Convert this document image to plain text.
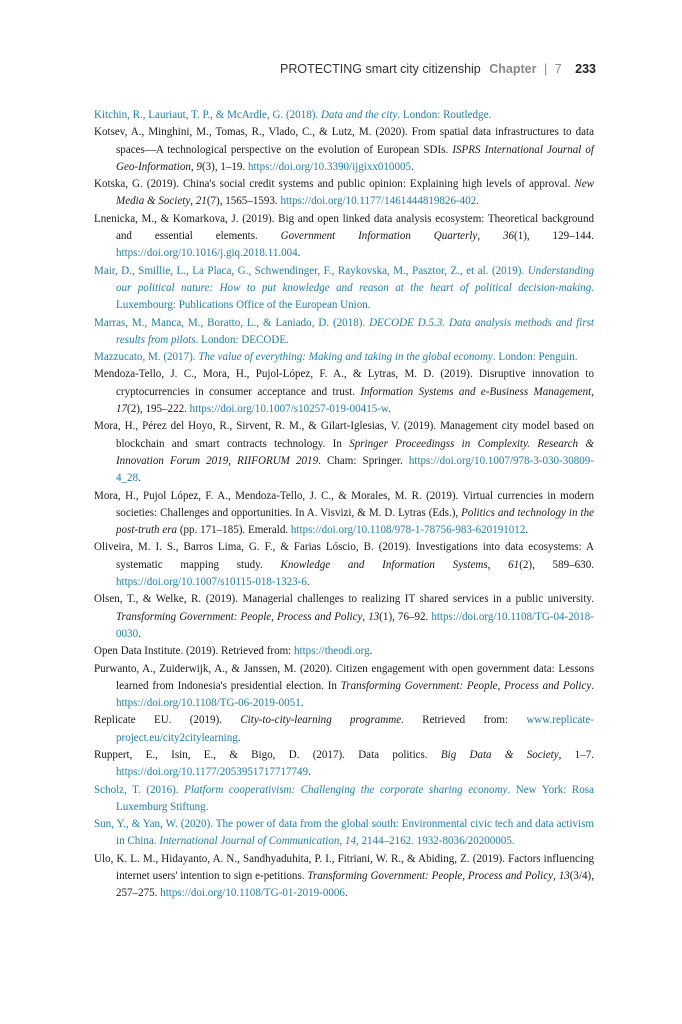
PROTECTING smart city citizenship Chapter | 7 233

Kitchin, R., Lauriaut, T. P., & McArdle, G. (2018). Data and the city. London: Routledge.

Kotsev, A., Minghini, M., Tomas, R., Vlado, C., & Lutz, M. (2020). From spatial data infrastructures to data spaces—A technological perspective on the evolution of European SDIs. ISPRS International Journal of Geo-Information, 9(3), 1–19. https://doi.org/10.3390/ijgixx010005.

Kotska, G. (2019). China's social credit systems and public opinion: Explaining high levels of approval. New Media & Society, 21(7), 1565–1593. https://doi.org/10.1177/1461444819826-402.

Lnenicka, M., & Komarkova, J. (2019). Big and open linked data analysis ecosystem: Theoretical background and essential elements. Government Information Quarterly, 36(1), 129–144. https://doi.org/10.1016/j.giq.2018.11.004.

Mair, D., Smillie, L., La Placa, G., Schwendinger, F., Raykovska, M., Pasztor, Z., et al. (2019). Understanding our political nature: How to put knowledge and reason at the heart of political decision-making. Luxembourg: Publications Office of the European Union.

Marras, M., Manca, M., Boratto, L., & Laniado, D. (2018). DECODE D.5.3. Data analysis methods and first results from pilots. London: DECODE.

Mazzucato, M. (2017). The value of everything: Making and taking in the global economy. London: Penguin.

Mendoza-Tello, J. C., Mora, H., Pujol-López, F. A., & Lytras, M. D. (2019). Disruptive innovation to cryptocurrencies in consumer acceptance and trust. Information Systems and e-Business Management, 17(2), 195–222. https://doi.org/10.1007/s10257-019-00415-w.

Mora, H., Pérez del Hoyo, R., Sirvent, R. M., & Gilart-Iglesias, V. (2019). Management city model based on blockchain and smart contracts technology. In Springer Proceedingss in Complexity. Research & Innovation Forum 2019, RIIFORUM 2019. Cham: Springer. https://doi.org/10.1007/978-3-030-30809-4_28.

Mora, H., Pujol López, F. A., Mendoza-Tello, J. C., & Morales, M. R. (2019). Virtual currencies in modern societies: Challenges and opportunities. In A. Visvizi, & M. D. Lytras (Eds.), Politics and technology in the post-truth era (pp. 171–185). Emerald. https://doi.org/10.1108/978-1-78756-983-620191012.

Oliveira, M. I. S., Barros Lima, G. F., & Farias Lóscio, B. (2019). Investigations into data ecosystems: A systematic mapping study. Knowledge and Information Systems, 61(2), 589–630. https://doi.org/10.1007/s10115-018-1323-6.

Olsen, T., & Welke, R. (2019). Managerial challenges to realizing IT shared services in a public university. Transforming Government: People, Process and Policy, 13(1), 76–92. https://doi.org/10.1108/TG-04-2018-0030.

Open Data Institute. (2019). Retrieved from: https://theodi.org.

Purwanto, A., Zuiderwijk, A., & Janssen, M. (2020). Citizen engagement with open government data: Lessons learned from Indonesia's presidential election. In Transforming Government: People, Process and Policy. https://doi.org/10.1108/TG-06-2019-0051.

Replicate EU. (2019). City-to-city-learning programme. Retrieved from: www.replicate-project.eu/city2citylearning.

Ruppert, E., Isin, E., & Bigo, D. (2017). Data politics. Big Data & Society, 1–7. https://doi.org/10.1177/2053951717717749.

Scholz, T. (2016). Platform cooperativism: Challenging the corporate sharing economy. New York: Rosa Luxemburg Stiftung.

Sun, Y., & Yan, W. (2020). The power of data from the global south: Environmental civic tech and data activism in China. International Journal of Communication, 14, 2144–2162. 1932-8036/20200005.

Ulo, K. L. M., Hidayanto, A. N., Sandhyaduhita, P. I., Fitriani, W. R., & Abiding, Z. (2019). Factors influencing internet users' intention to sign e-petitions. Transforming Government: People, Process and Policy, 13(3/4), 257–275. https://doi.org/10.1108/TG-01-2019-0006.
